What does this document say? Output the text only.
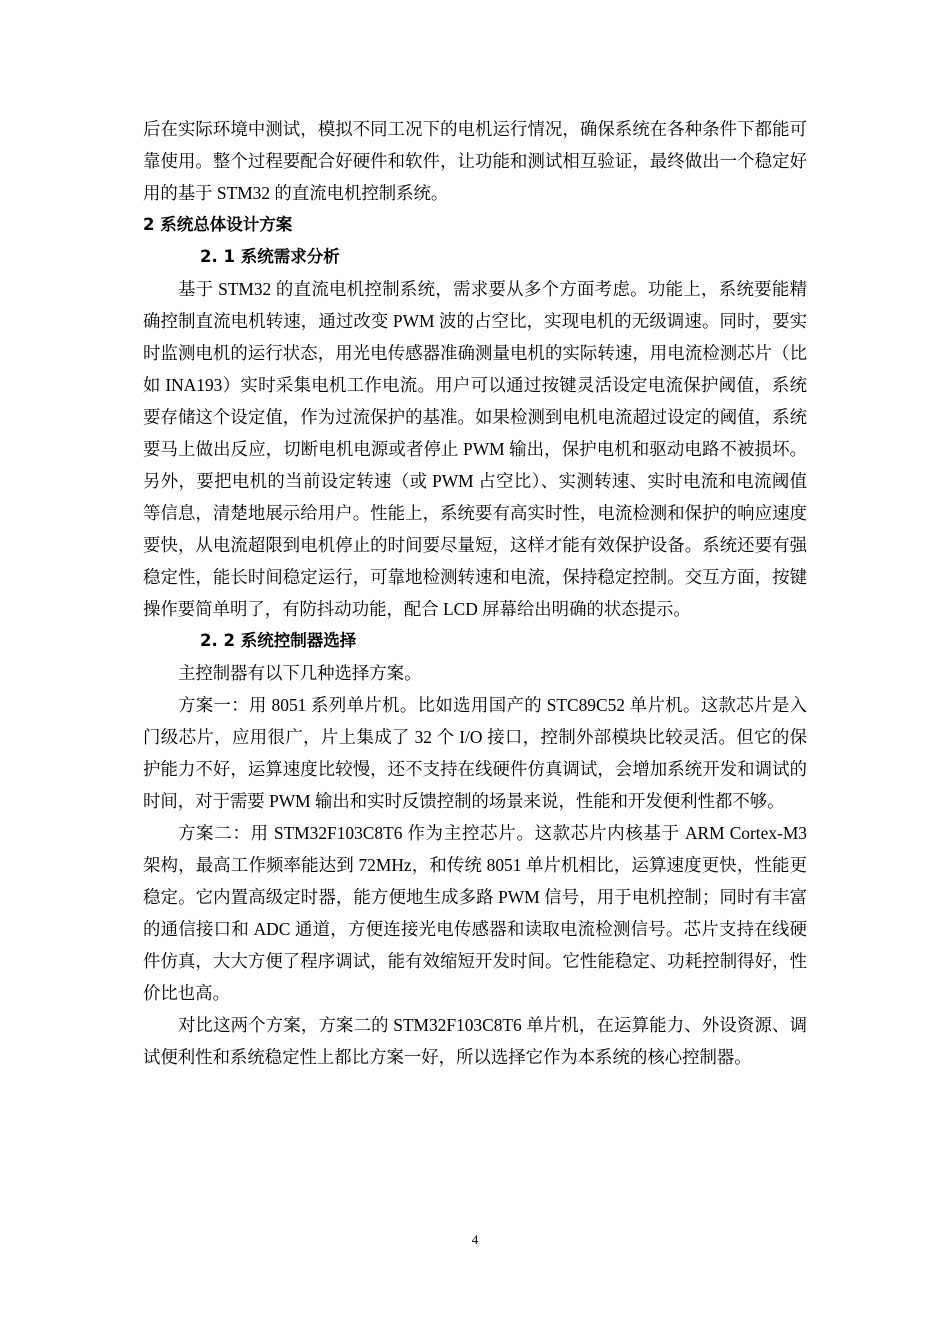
后在实际环境中测试，模拟不同工况下的电机运行情况，确保系统在各种条件下都能可靠使用。整个过程要配合好硬件和软件，让功能和测试相互验证，最终做出一个稳定好用的基于 STM32 的直流电机控制系统。

2 系统总体设计方案

2. 1 系统需求分析

基于 STM32 的直流电机控制系统，需求要从多个方面考虑。功能上，系统要能精确控制直流电机转速，通过改变 PWM 波的占空比，实现电机的无级调速。同时，要实时监测电机的运行状态，用光电传感器准确测量电机的实际转速，用电流检测芯片（比如 INA193）实时采集电机工作电流。用户可以通过按键灵活设定电流保护阈值，系统要存储这个设定值，作为过流保护的基准。如果检测到电机电流超过设定的阈值，系统要马上做出反应，切断电机电源或者停止 PWM 输出，保护电机和驱动电路不被损坏。另外，要把电机的当前设定转速（或 PWM 占空比）、实测转速、实时电流和电流阈值等信息，清楚地展示给用户。性能上，系统要有高实时性，电流检测和保护的响应速度要快，从电流超限到电机停止的时间要尽量短，这样才能有效保护设备。系统还要有强稳定性，能长时间稳定运行，可靠地检测转速和电流，保持稳定控制。交互方面，按键操作要简单明了，有防抖动功能，配合 LCD 屏幕给出明确的状态提示。

2. 2 系统控制器选择

主控制器有以下几种选择方案。

方案一：用 8051 系列单片机。比如选用国产的 STC89C52 单片机。这款芯片是入门级芯片，应用很广，片上集成了 32 个 I/O 接口，控制外部模块比较灵活。但它的保护能力不好，运算速度比较慢，还不支持在线硬件仿真调试，会增加系统开发和调试的时间，对于需要 PWM 输出和实时反馈控制的场景来说，性能和开发便利性都不够。

方案二：用 STM32F103C8T6 作为主控芯片。这款芯片内核基于 ARM Cortex-M3 架构，最高工作频率能达到 72MHz，和传统 8051 单片机相比，运算速度更快，性能更稳定。它内置高级定时器，能方便地生成多路 PWM 信号，用于电机控制；同时有丰富的通信接口和 ADC 通道，方便连接光电传感器和读取电流检测信号。芯片支持在线硬件仿真，大大方便了程序调试，能有效缩短开发时间。它性能稳定、功耗控制得好，性价比也高。

对比这两个方案，方案二的 STM32F103C8T6 单片机，在运算能力、外设资源、调试便利性和系统稳定性上都比方案一好，所以选择它作为本系统的核心控制器。

4
